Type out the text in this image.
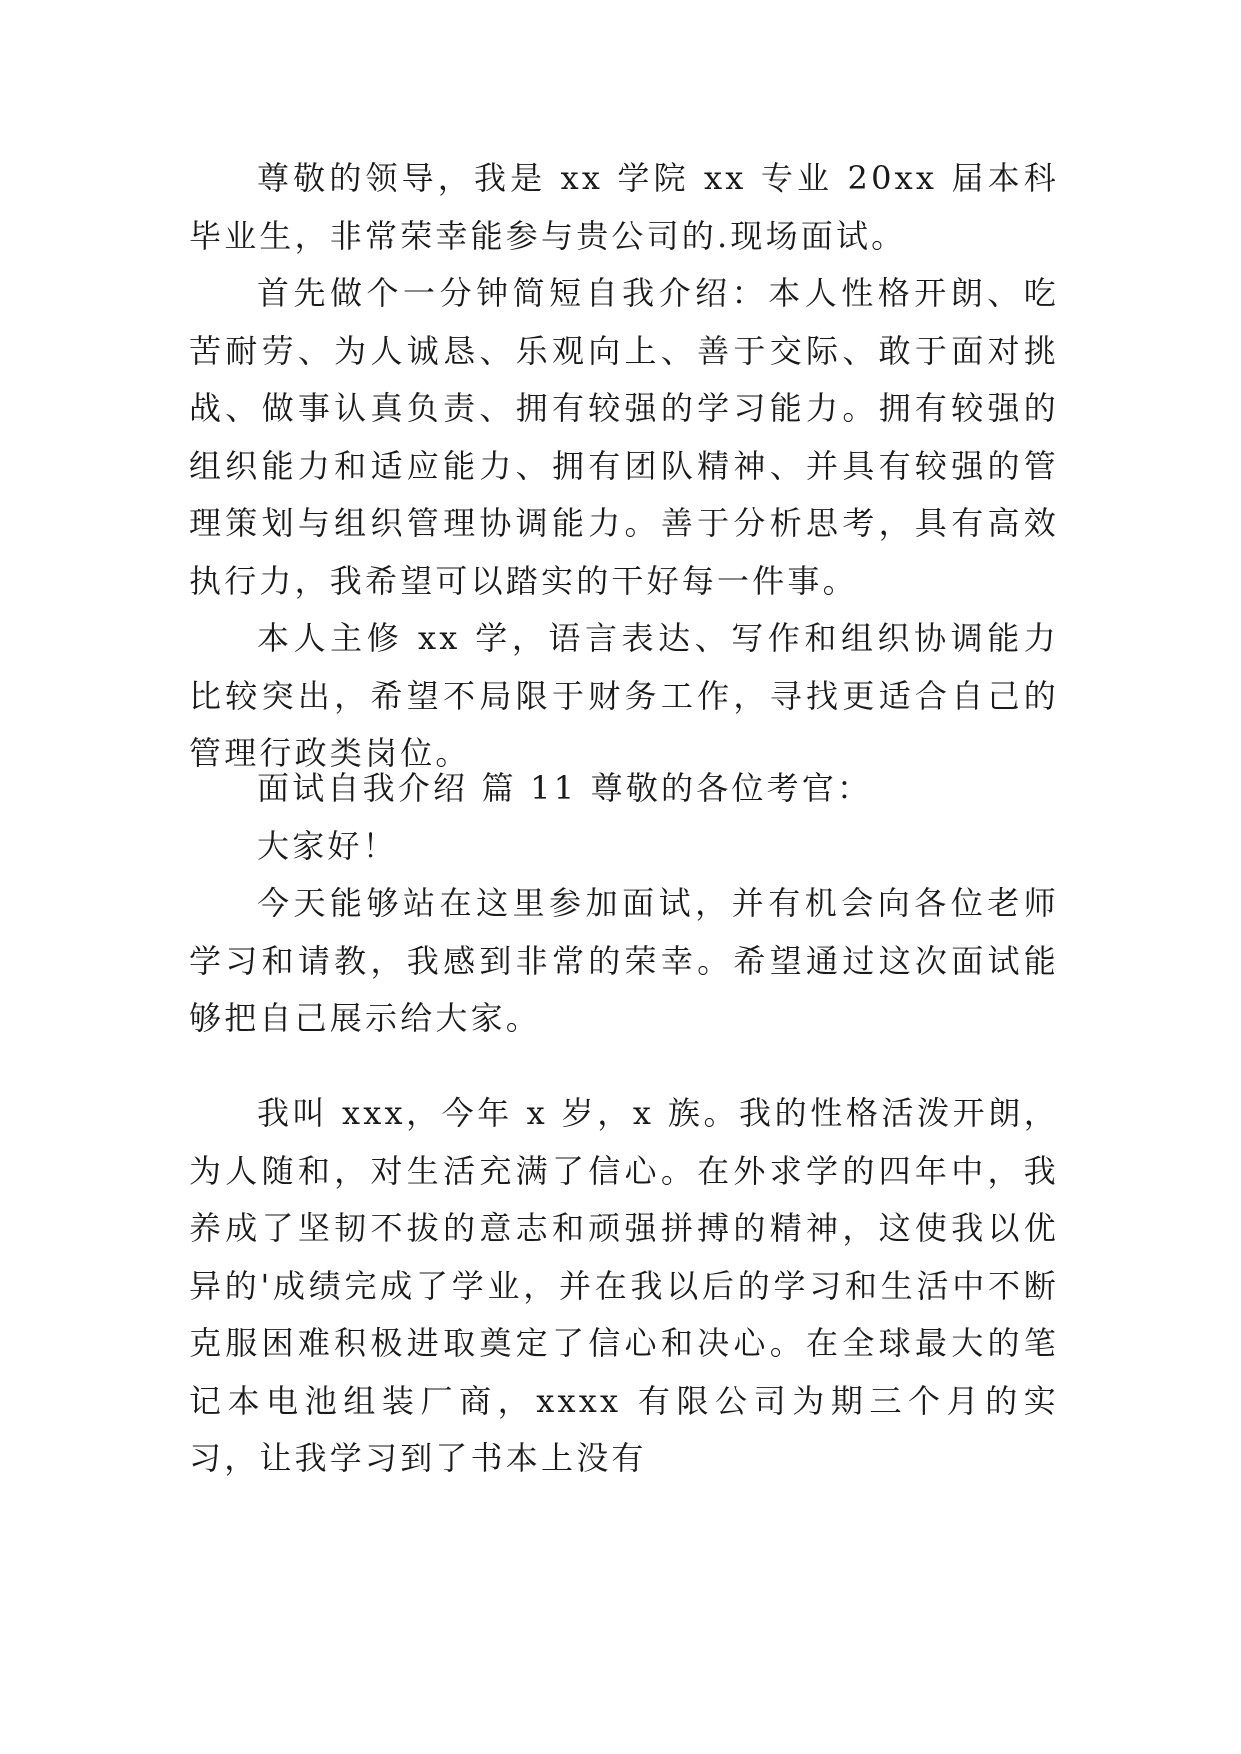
尊敬的领导，我是 xx 学院 xx 专业 20xx 届本科毕业生，非常荣幸能参与贵公司的.现场面试。

首先做个一分钟简短自我介绍：本人性格开朗、吃苦耐劳、为人诚恳、乐观向上、善于交际、敢于面对挑战、做事认真负责、拥有较强的学习能力。拥有较强的组织能力和适应能力、拥有团队精神、并具有较强的管理策划与组织管理协调能力。善于分析思考，具有高效执行力，我希望可以踏实的干好每一件事。

本人主修 xx 学，语言表达、写作和组织协调能力比较突出，希望不局限于财务工作，寻找更适合自己的管理行政类岗位。

面试自我介绍 篇 11 尊敬的各位考官：

大家好！

今天能够站在这里参加面试，并有机会向各位老师学习和请教，我感到非常的荣幸。希望通过这次面试能够把自己展示给大家。

我叫 xxx，今年 x 岁，x 族。我的性格活泼开朗，为人随和，对生活充满了信心。在外求学的四年中，我养成了坚韧不拔的意志和顽强拼搏的精神，这使我以优异的'成绩完成了学业，并在我以后的学习和生活中不断克服困难积极进取奠定了信心和决心。在全球最大的笔记本电池组装厂商，xxxx 有限公司为期三个月的实习，让我学习到了书本上没有
